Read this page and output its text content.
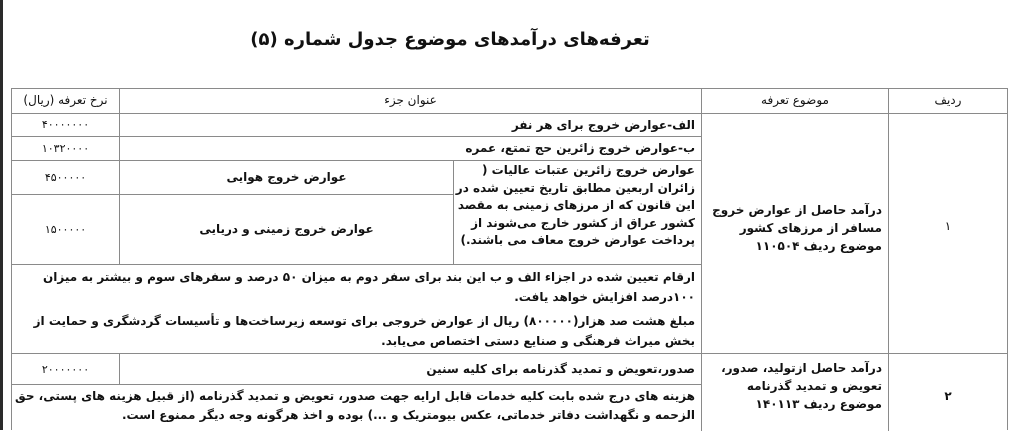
تعرفه‌های درآمدهای موضوع جدول شماره (۵)
ردیف
موضوع تعرفه
عنوان جزء
نرخ تعرفه (ریال)
۱
درآمد حاصل از عوارض خروج مسافر از مرزهای کشور موضوع ردیف ۱۱۰۵۰۴
الف-عوارض خروج برای هر نفر
۴۰۰۰۰۰۰۰
ب-عوارض خروج زائرین حج تمتع، عمره
۱۰۳۲۰۰۰۰
عوارض خروج زائرین عتبات عالیات ( زائران اربعین مطابق تاریخ تعیین شده در این قانون که از مرزهای زمینی به مقصد کشور عراق از کشور خارج می‌شوند از پرداخت عوارض خروج معاف می باشند.)
عوارض خروج هوایی
۴۵۰۰۰۰۰
عوارض خروج زمینی و دریایی
۱۵۰۰۰۰۰
ارقام تعیین شده در اجزاء الف و ب این بند برای سفر دوم به میزان ۵۰ درصد و سفرهای سوم و بیشتر به میزان ۱۰۰درصد افزایش خواهد یافت.
مبلغ هشت صد هزار(۸۰۰۰۰۰) ریال از عوارض خروجی برای توسعه زیرساخت‌ها و تأسیسات گردشگری و حمایت از بخش میراث فرهنگی و صنایع دستی اختصاص می‌یابد.
۲
درآمد حاصل ازتولید، صدور، تعویض و تمدید گذرنامه موضوع ردیف ۱۴۰۱۱۳
صدور،تعویض و تمدید گذرنامه برای کلیه سنین
۲۰۰۰۰۰۰۰
هزینه های درج شده بابت کلیه خدمات قابل ارایه جهت صدور، تعویض و تمدید گذرنامه (از قبیل هزینه های پستی، حق الزحمه و نگهداشت دفاتر خدماتی، عکس بیومتریک و ...) بوده و اخذ هرگونه وجه دیگر ممنوع است.
